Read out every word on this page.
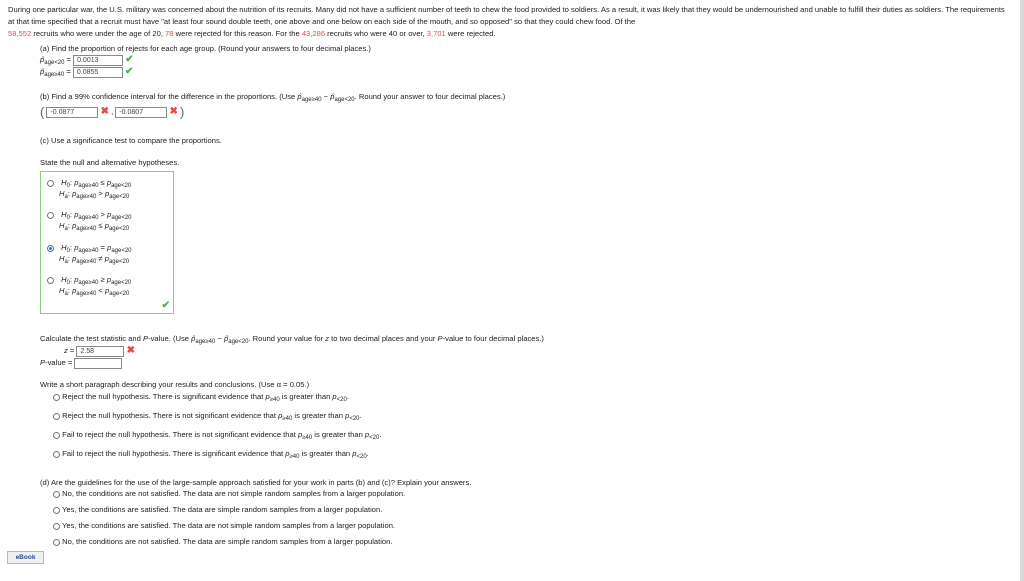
During one particular war, the U.S. military was concerned about the nutrition of its recruits. Many did not have a sufficient number of teeth to chew the food provided to soldiers. As a result, it was likely that they would be undernourished and unable to fulfill their duties as soldiers. The requirements at that time specified that a recruit must have "at least four sound double teeth, one above and one below on each side of the mouth, and so opposed" so that they could chew food. Of the
58,552 recruits who were under the age of 20, 78 were rejected for this reason. For the 43,286 recruits who were 40 or over, 3,701 were rejected.
(a) Find the proportion of rejects for each age group. (Round your answers to four decimal places.)
$p̂_{age<20} = 0.0013$	✔
$p̂_{age\ge 40} = 0.0855$	✔
(b) Find a 99% confidence interval for the difference in the proportions. (Use $p̂_{age\ge 40}$ − $p̂_{age<20}$. Round your answer to four decimal places.)
( -0.0877	✖ , -0.0807	✖ )
(c) Use a significance test to compare the proportions.
State the null and alternative hypotheses.
$H_0$: $p_{age\ge 40} \le p_{age<20}$
$H_a$: $p_{age\ge 40} > p_{age<20}$
$H_0$: $p_{age\ge 40} > p_{age<20}$
$H_a$: $p_{age\ge 40} \le p_{age<20}$
$H_0$: $p_{age\ge 40} = p_{age<20}$
$H_a$: $p_{age\ge 40} \ne p_{age<20}$
$H_0$: $p_{age\ge 40} \ge p_{age<20}$
$H_a$: $p_{age\ge 40} < p_{age<20}$
✔
Calculate the test statistic and P-value. (Use $p̂_{age\ge 40}$ − $p̂_{age<20}$. Round your value for z to two decimal places and your P-value to four decimal places.)
z = 2.58	✖
P-value =
Write a short paragraph describing your results and conclusions. (Use α = 0.05.)
Reject the null hypothesis. There is significant evidence that $p_{\ge 40}$ is greater than $p_{<20}$.
Reject the null hypothesis. There is not significant evidence that $p_{\ge 40}$ is greater than $p_{<20}$.
Fail to reject the null hypothesis. There is not significant evidence that $p_{\ge 40}$ is greater than $p_{<20}$.
Fail to reject the null hypothesis. There is significant evidence that $p_{\ge 40}$ is greater than $p_{<20}$.
(d) Are the guidelines for the use of the large-sample approach satisfied for your work in parts (b) and (c)? Explain your answers.
No, the conditions are not satisfied. The data are not simple random samples from a larger population.
Yes, the conditions are satisfied. The data are simple random samples from a larger population.
Yes, the conditions are satisfied. The data are not simple random samples from a larger population.
No, the conditions are not satisfied. The data are simple random samples from a larger population.
eBook
